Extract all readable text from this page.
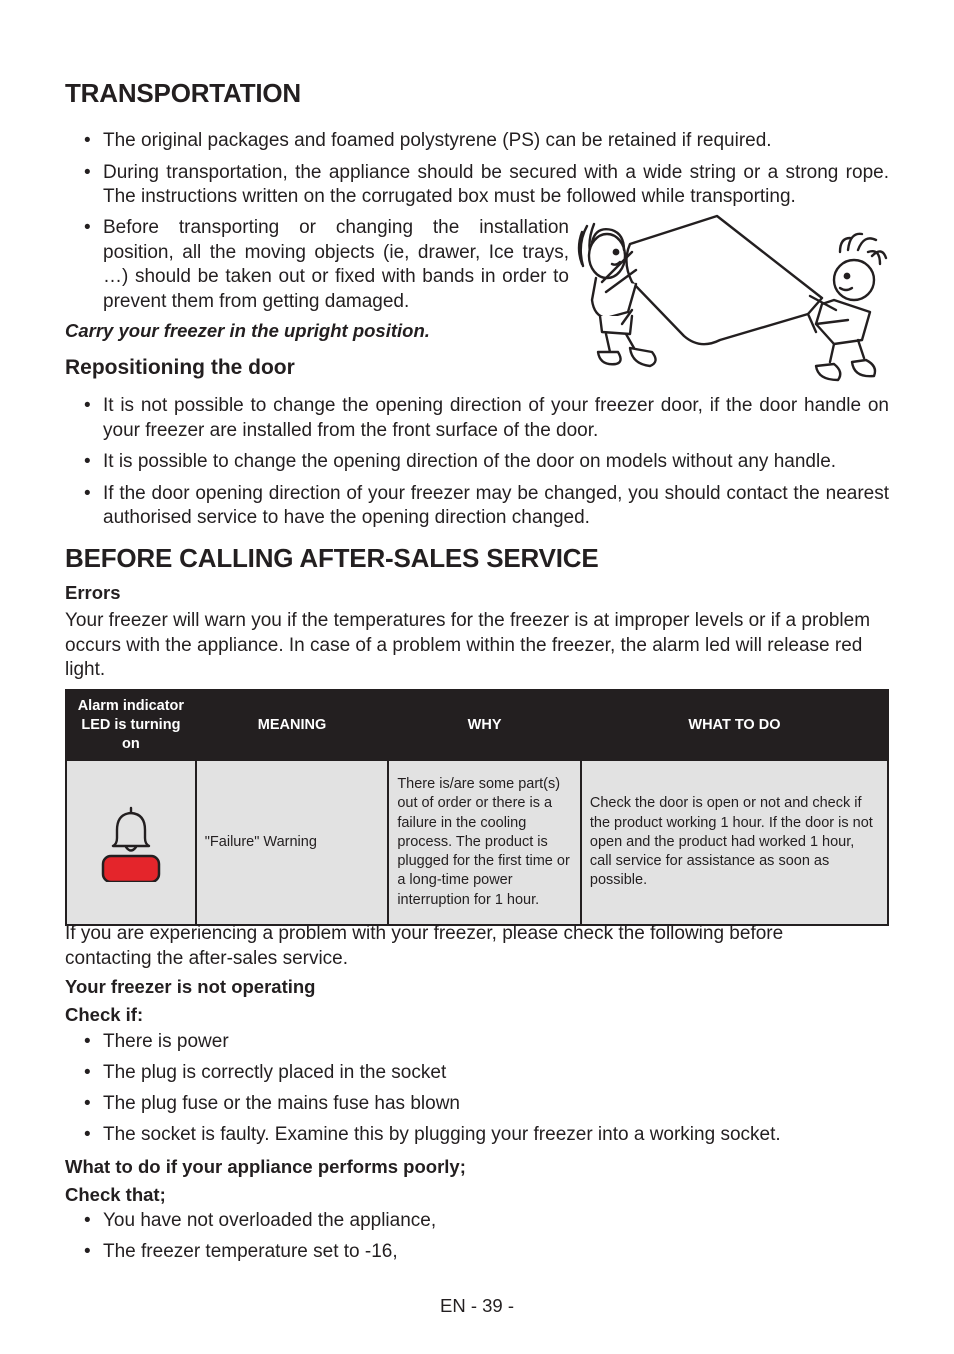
TRANSPORTATION
• The original packages and foamed polystyrene (PS) can be retained if required.
• During transportation, the appliance should be secured with a wide string or a strong rope. The instructions written on the corrugated box must be followed while transporting.
• Before transporting or changing the installation position, all the moving objects (ie, drawer, Ice trays, …) should be taken out or fixed with bands in order to prevent them from getting damaged.
Carry your freezer in the upright position.
Repositioning the door
• It is not possible to change the opening direction of your freezer door, if the door handle on your freezer are installed from the front surface of the door.
• It is possible to change the opening direction of the door on models without any handle.
• If the door opening direction of your freezer may be changed, you should contact the nearest authorised service to have the opening direction changed.
BEFORE CALLING AFTER-SALES SERVICE
Errors
Your freezer will warn you if the temperatures for the freezer is at improper levels or if a problem occurs with the appliance. In case of a problem within the freezer, the alarm led will release red light.
Alarm indicator LED is turning on	MEANING	WHY	WHAT TO DO

	"Failure" Warning	There is/are some part(s) out of order or there is a failure in the cooling process. The product is plugged for the first time or a long-time power interruption for 1 hour.	Check the door is open or not and check if the product working 1 hour. If the door is not open and the product had worked 1 hour, call service for assistance as soon as possible.
If you are experiencing a problem with your freezer, please check the following before contacting the after-sales service.
Your freezer is not operating
Check if:
• There is power
• The plug is correctly placed in the socket
• The plug fuse or the mains fuse has blown
• The socket is faulty. Examine this by plugging your freezer into a working socket.
What to do if your appliance performs poorly;
Check that;
• You have not overloaded the appliance,
• The freezer temperature set to -16,
EN - 39 -
